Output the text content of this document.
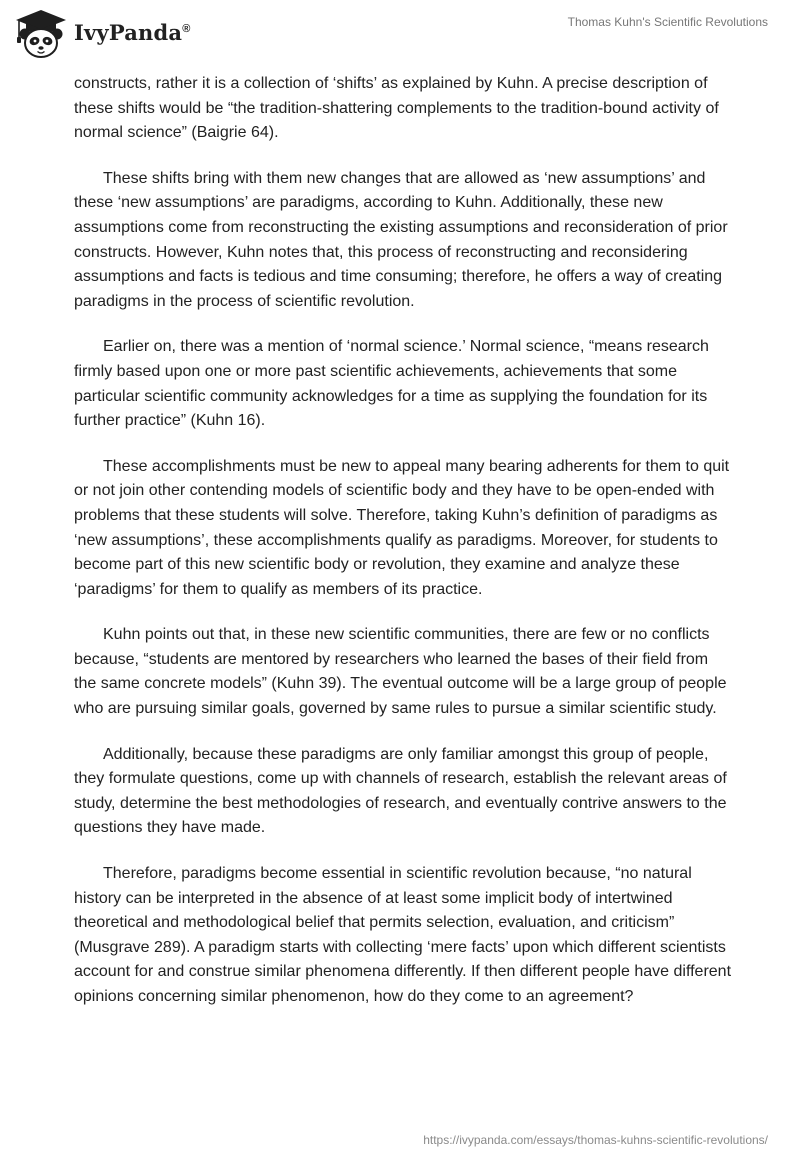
IvyPanda®	Thomas Kuhn's Scientific Revolutions

constructs, rather it is a collection of ‘shifts’ as explained by Kuhn. A precise description of these shifts would be “the tradition-shattering complements to the tradition-bound activity of normal science” (Baigrie 64).

These shifts bring with them new changes that are allowed as ‘new assumptions’ and these ‘new assumptions’ are paradigms, according to Kuhn. Additionally, these new assumptions come from reconstructing the existing assumptions and reconsideration of prior constructs. However, Kuhn notes that, this process of reconstructing and reconsidering assumptions and facts is tedious and time consuming; therefore, he offers a way of creating paradigms in the process of scientific revolution.

Earlier on, there was a mention of ‘normal science.’ Normal science, “means research firmly based upon one or more past scientific achievements, achievements that some particular scientific community acknowledges for a time as supplying the foundation for its further practice” (Kuhn 16).

These accomplishments must be new to appeal many bearing adherents for them to quit or not join other contending models of scientific body and they have to be open-ended with problems that these students will solve. Therefore, taking Kuhn’s definition of paradigms as ‘new assumptions’, these accomplishments qualify as paradigms. Moreover, for students to become part of this new scientific body or revolution, they examine and analyze these ‘paradigms’ for them to qualify as members of its practice.

Kuhn points out that, in these new scientific communities, there are few or no conflicts because, “students are mentored by researchers who learned the bases of their field from the same concrete models” (Kuhn 39). The eventual outcome will be a large group of people who are pursuing similar goals, governed by same rules to pursue a similar scientific study.

Additionally, because these paradigms are only familiar amongst this group of people, they formulate questions, come up with channels of research, establish the relevant areas of study, determine the best methodologies of research, and eventually contrive answers to the questions they have made.

Therefore, paradigms become essential in scientific revolution because, “no natural history can be interpreted in the absence of at least some implicit body of intertwined theoretical and methodological belief that permits selection, evaluation, and criticism” (Musgrave 289). A paradigm starts with collecting ‘mere facts’ upon which different scientists account for and construe similar phenomena differently. If then different people have different opinions concerning similar phenomenon, how do they come to an agreement?

https://ivypanda.com/essays/thomas-kuhns-scientific-revolutions/
